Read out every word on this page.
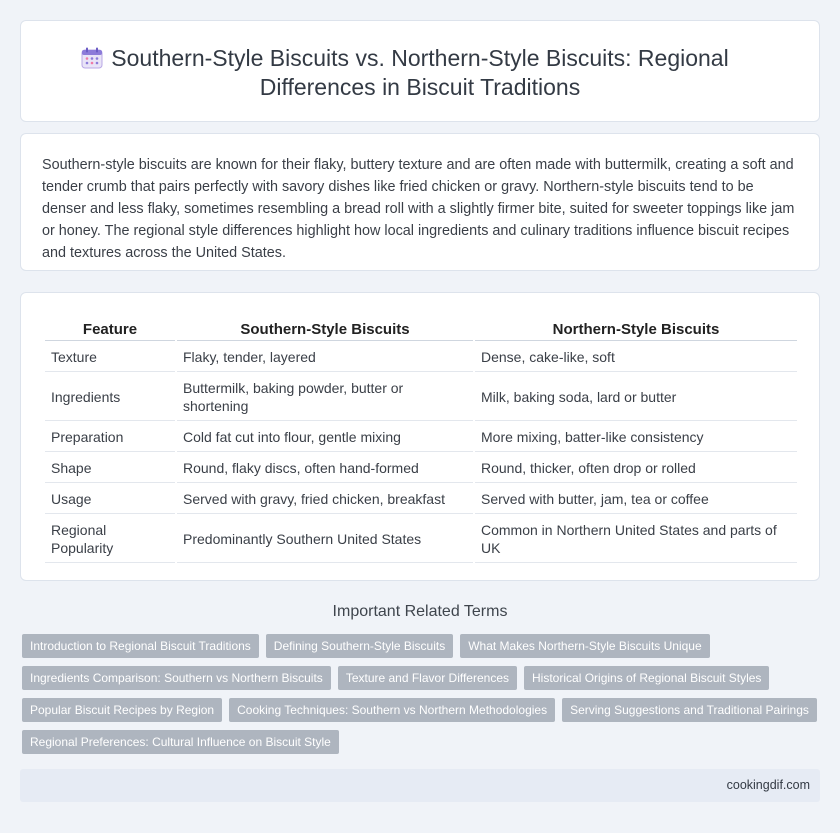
Southern-Style Biscuits vs. Northern-Style Biscuits: Regional Differences in Biscuit Traditions

Southern-style biscuits are known for their flaky, buttery texture and are often made with buttermilk, creating a soft and tender crumb that pairs perfectly with savory dishes like fried chicken or gravy. Northern-style biscuits tend to be denser and less flaky, sometimes resembling a bread roll with a slightly firmer bite, suited for sweeter toppings like jam or honey. The regional style differences highlight how local ingredients and culinary traditions influence biscuit recipes and textures across the United States.

Feature	Southern-Style Biscuits	Northern-Style Biscuits
Texture	Flaky, tender, layered	Dense, cake-like, soft
Ingredients	Buttermilk, baking powder, butter or shortening	Milk, baking soda, lard or butter
Preparation	Cold fat cut into flour, gentle mixing	More mixing, batter-like consistency
Shape	Round, flaky discs, often hand-formed	Round, thicker, often drop or rolled
Usage	Served with gravy, fried chicken, breakfast	Served with butter, jam, tea or coffee
Regional Popularity	Predominantly Southern United States	Common in Northern United States and parts of UK
Important Related Terms
Introduction to Regional Biscuit Traditions	Defining Southern-Style Biscuits	What Makes Northern-Style Biscuits Unique
Ingredients Comparison: Southern vs Northern Biscuits	Texture and Flavor Differences	Historical Origins of Regional Biscuit Styles
Popular Biscuit Recipes by Region	Cooking Techniques: Southern vs Northern Methodologies	Serving Suggestions and Traditional Pairings
Regional Preferences: Cultural Influence on Biscuit Style
cookingdif.com
